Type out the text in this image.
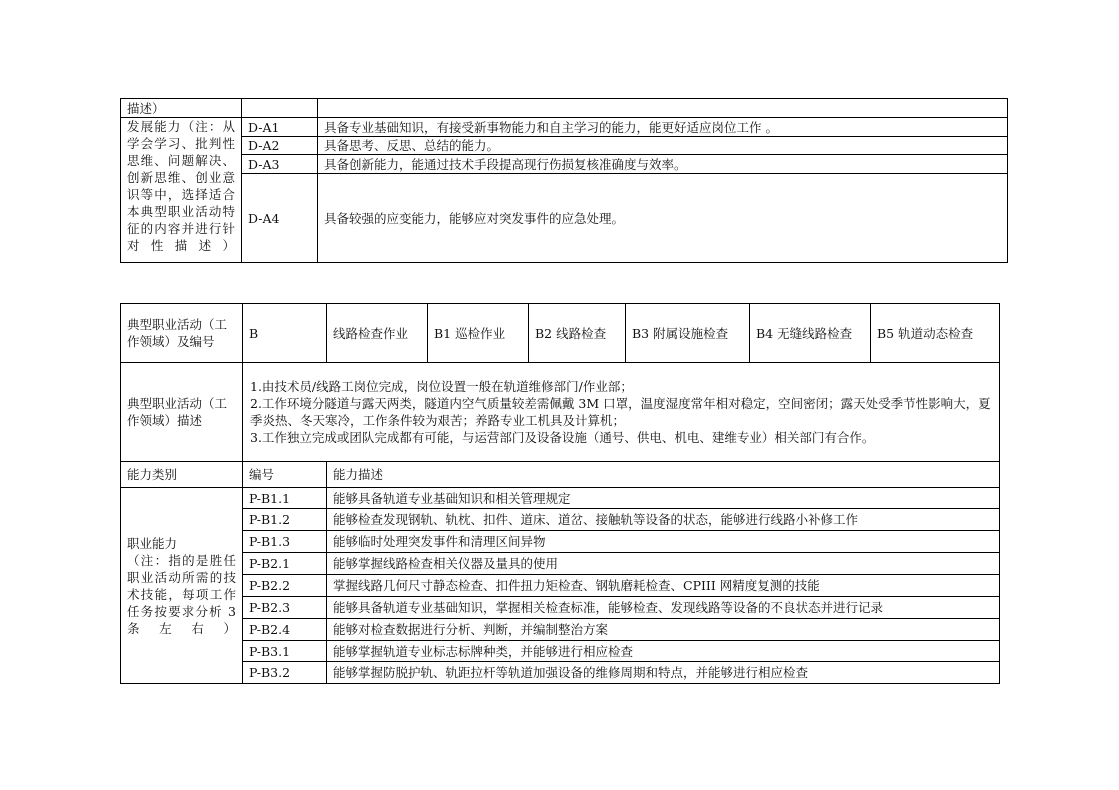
描述）		
发展能力（注：从学会学习、批判性思维、问题解决、创新思维、创业意识等中，选择适合本典型职业活动特征的内容并进行针对性描述）	D-A1	具备专业基础知识，有接受新事物能力和自主学习的能力，能更好适应岗位工作 。
	D-A2	具备思考、反思、总结的能力。
	D-A3	具备创新能力，能通过技术手段提高现行伤损复核准确度与效率。
	D-A4	具备较强的应变能力，能够应对突发事件的应急处理。
典型职业活动（工作领域）及编号	B	线路检查作业	B1 巡检作业	B2 线路检查	B3 附属设施检查	B4 无缝线路检查	B5 轨道动态检查
典型职业活动（工作领域）描述	1.由技术员/线路工岗位完成，岗位设置一般在轨道维修部门/作业部；
2.工作环境分隧道与露天两类，隧道内空气质量较差需佩戴 3M 口罩，温度湿度常年相对稳定，空间密闭；露天处受季节性影响大，夏季炎热、冬天寒冷，工作条件较为艰苦；养路专业工机具及计算机；
3.工作独立完成或团队完成都有可能，与运营部门及设备设施（通号、供电、机电、建维专业）相关部门有合作。						

能力类别	编号	能力描述					

职业能力
（注：指的是胜任职业活动所需的技术技能，每项工作任务按要求分析 3 条左右）	P-B1.1	能够具备轨道专业基础知识和相关管理规定					
	P-B1.2	能够检查发现钢轨、轨枕、扣件、道床、道岔、接触轨等设备的状态，能够进行线路小补修工作					
	P-B1.3	能够临时处理突发事件和清理区间异物					
	P-B2.1	能够掌握线路检查相关仪器及量具的使用					
	P-B2.2	掌握线路几何尺寸静态检查、扣件扭力矩检查、钢轨磨耗检查、CPIII 网精度复测的技能					
	P-B2.3	能够具备轨道专业基础知识，掌握相关检查标准，能够检查、发现线路等设备的不良状态并进行记录					
	P-B2.4	能够对检查数据进行分析、判断，并编制整治方案					
	P-B3.1	能够掌握轨道专业标志标牌种类，并能够进行相应检查					
	P-B3.2	能够掌握防脱护轨、轨距拉杆等轨道加强设备的维修周期和特点，并能够进行相应检查					
